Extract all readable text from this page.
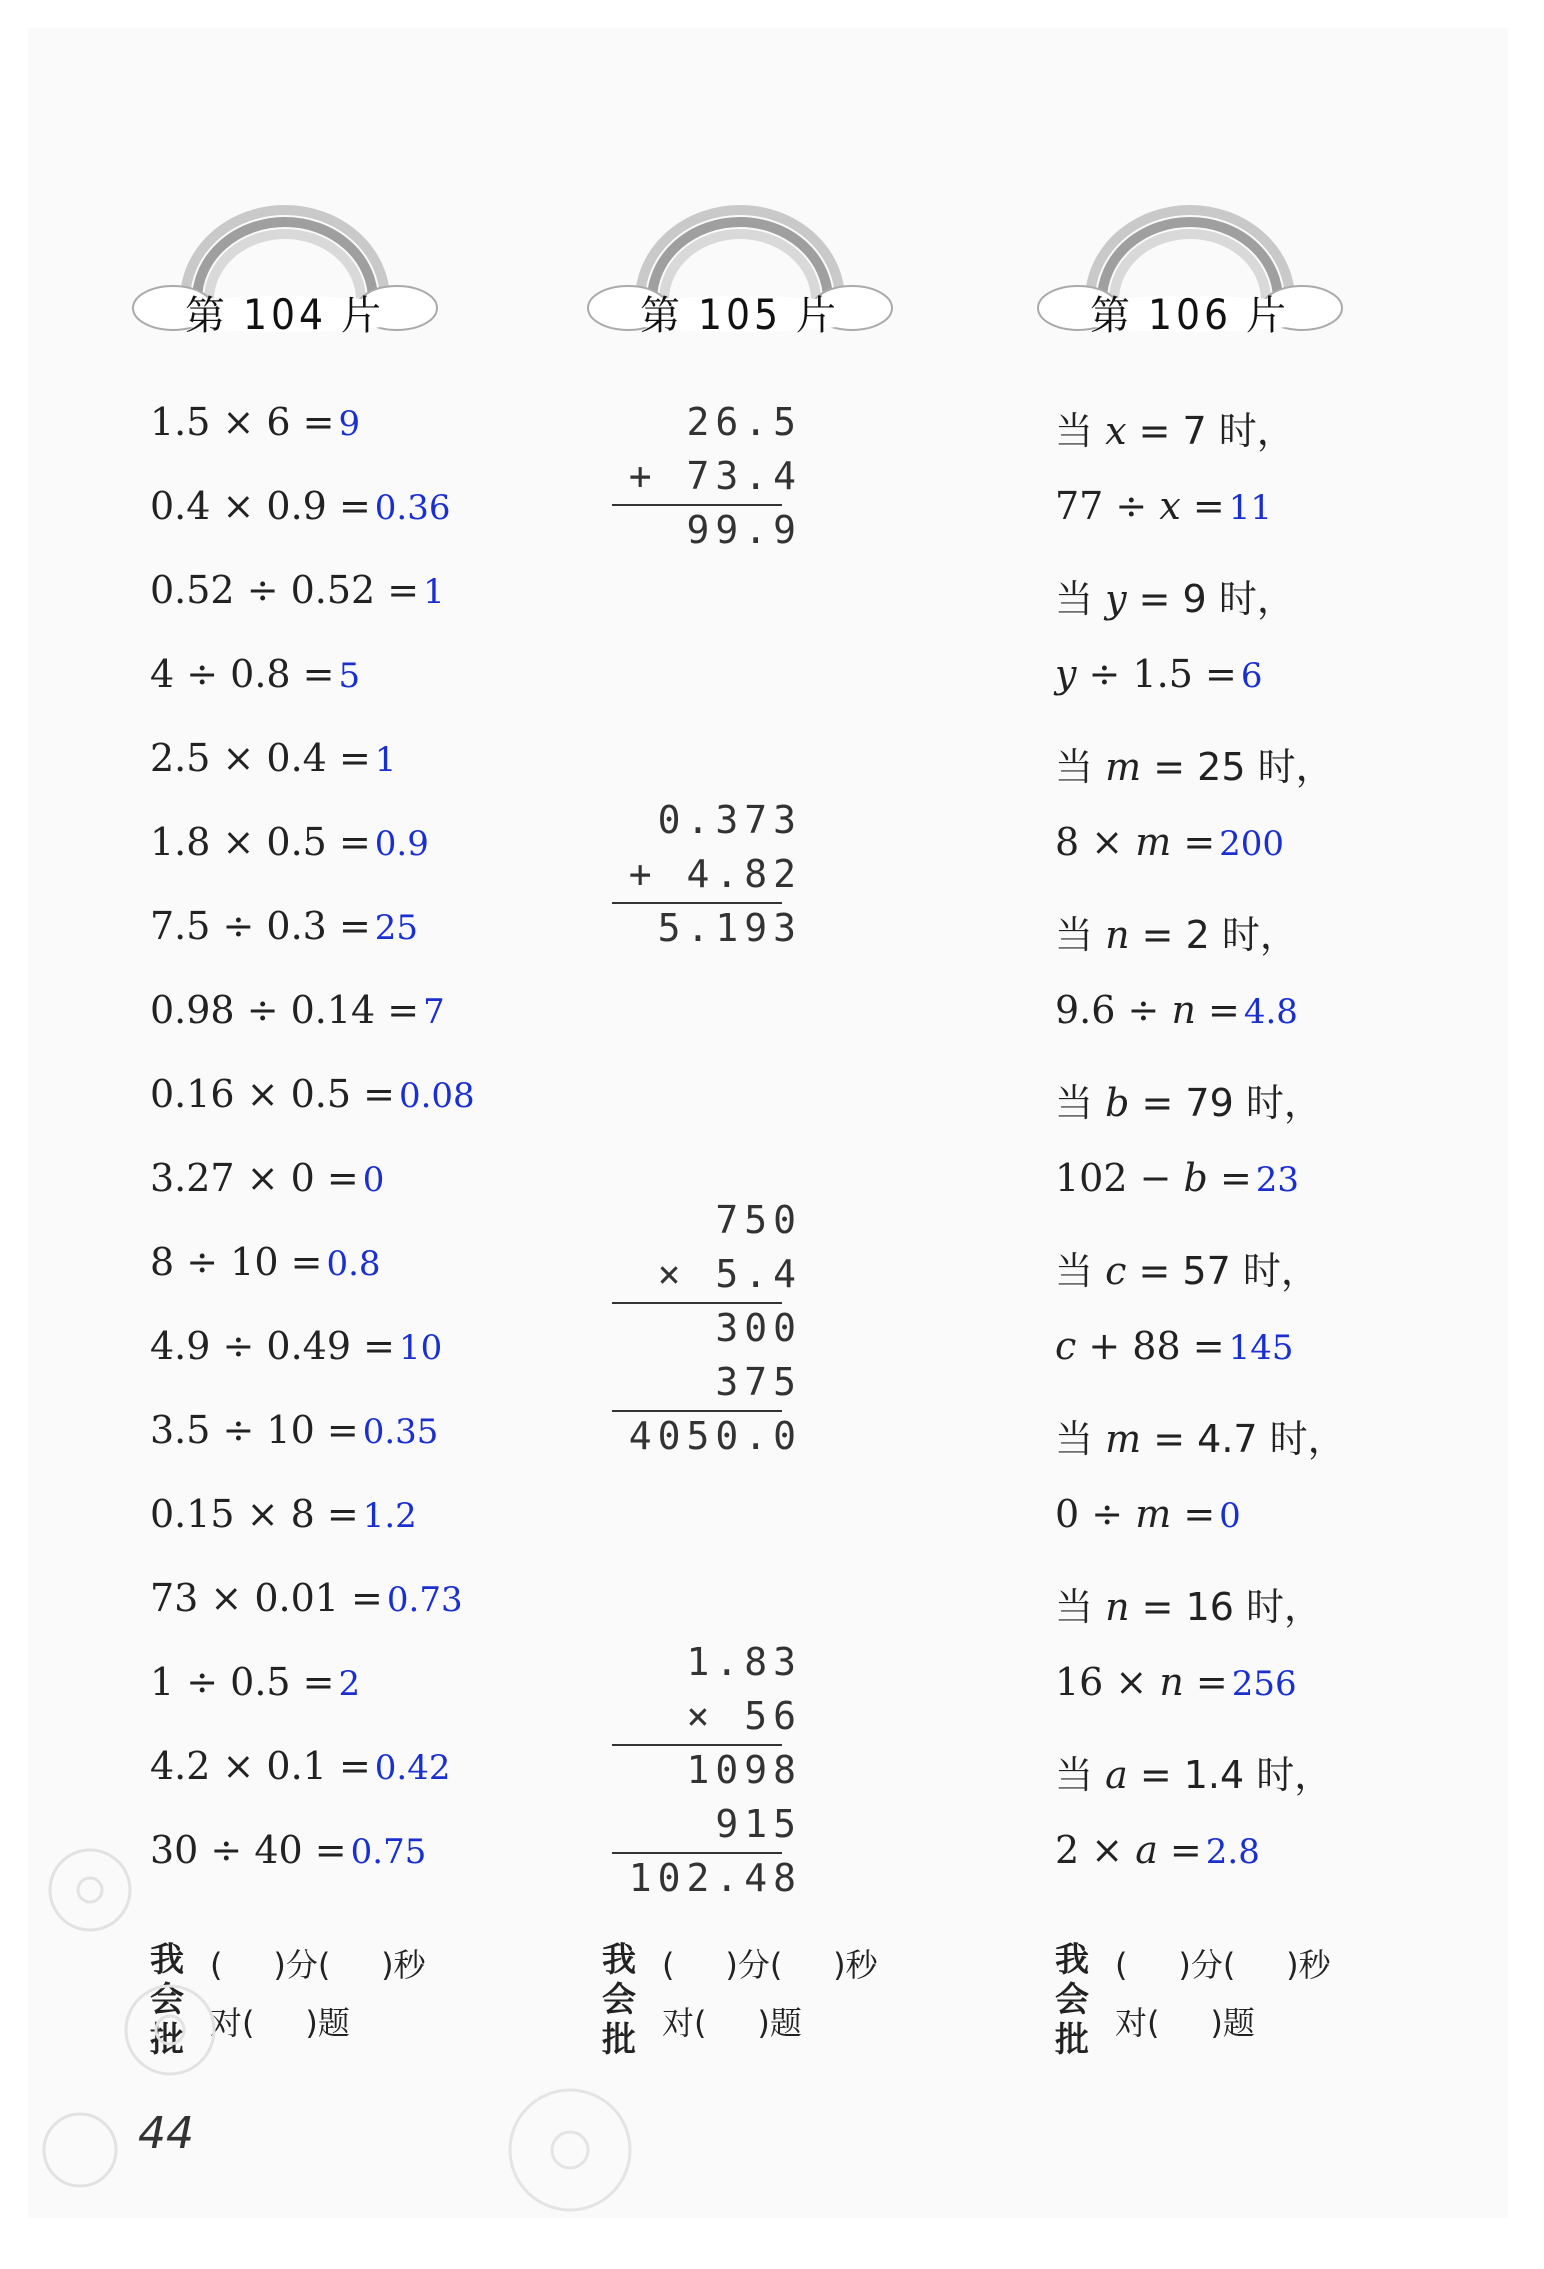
第 104 片	第 105 片	第 106 片
1.5 × 6 = 9
0.4 × 0.9 = 0.36
0.52 ÷ 0.52 = 1
4 ÷ 0.8 = 5
2.5 × 0.4 = 1
1.8 × 0.5 = 0.9
7.5 ÷ 0.3 = 25
0.98 ÷ 0.14 = 7
0.16 × 0.5 = 0.08
3.27 × 0 = 0
8 ÷ 10 = 0.8
4.9 ÷ 0.49 = 10
3.5 ÷ 10 = 0.35
0.15 × 8 = 1.2
73 × 0.01 = 0.73
1 ÷ 0.5 = 2
4.2 × 0.1 = 0.42
30 ÷ 40 = 0.75
26.5
+ 73.4
99.9
0.373
+ 4.82
5.193
750
× 5.4
300
375
4050.0
1.83
× 56
1098
915
102.48
当 x = 7 时，
77 ÷ x = 11
当 y = 9 时，
y ÷ 1.5 = 6
当 m = 25 时，
8 × m = 200
当 n = 2 时，
9.6 ÷ n = 4.8
当 b = 79 时，
102 − b = 23
当 c = 57 时，
c + 88 = 145
当 m = 4.7 时，
0 ÷ m = 0
当 n = 16 时，
16 × n = 256
当 a = 1.4 时，
2 × a = 2.8
我
会
批
(     )分(     )秒
对(     )题
我
会
批
(     )分(     )秒
对(     )题
我
会
批
(     )分(     )秒
对(     )题
44
